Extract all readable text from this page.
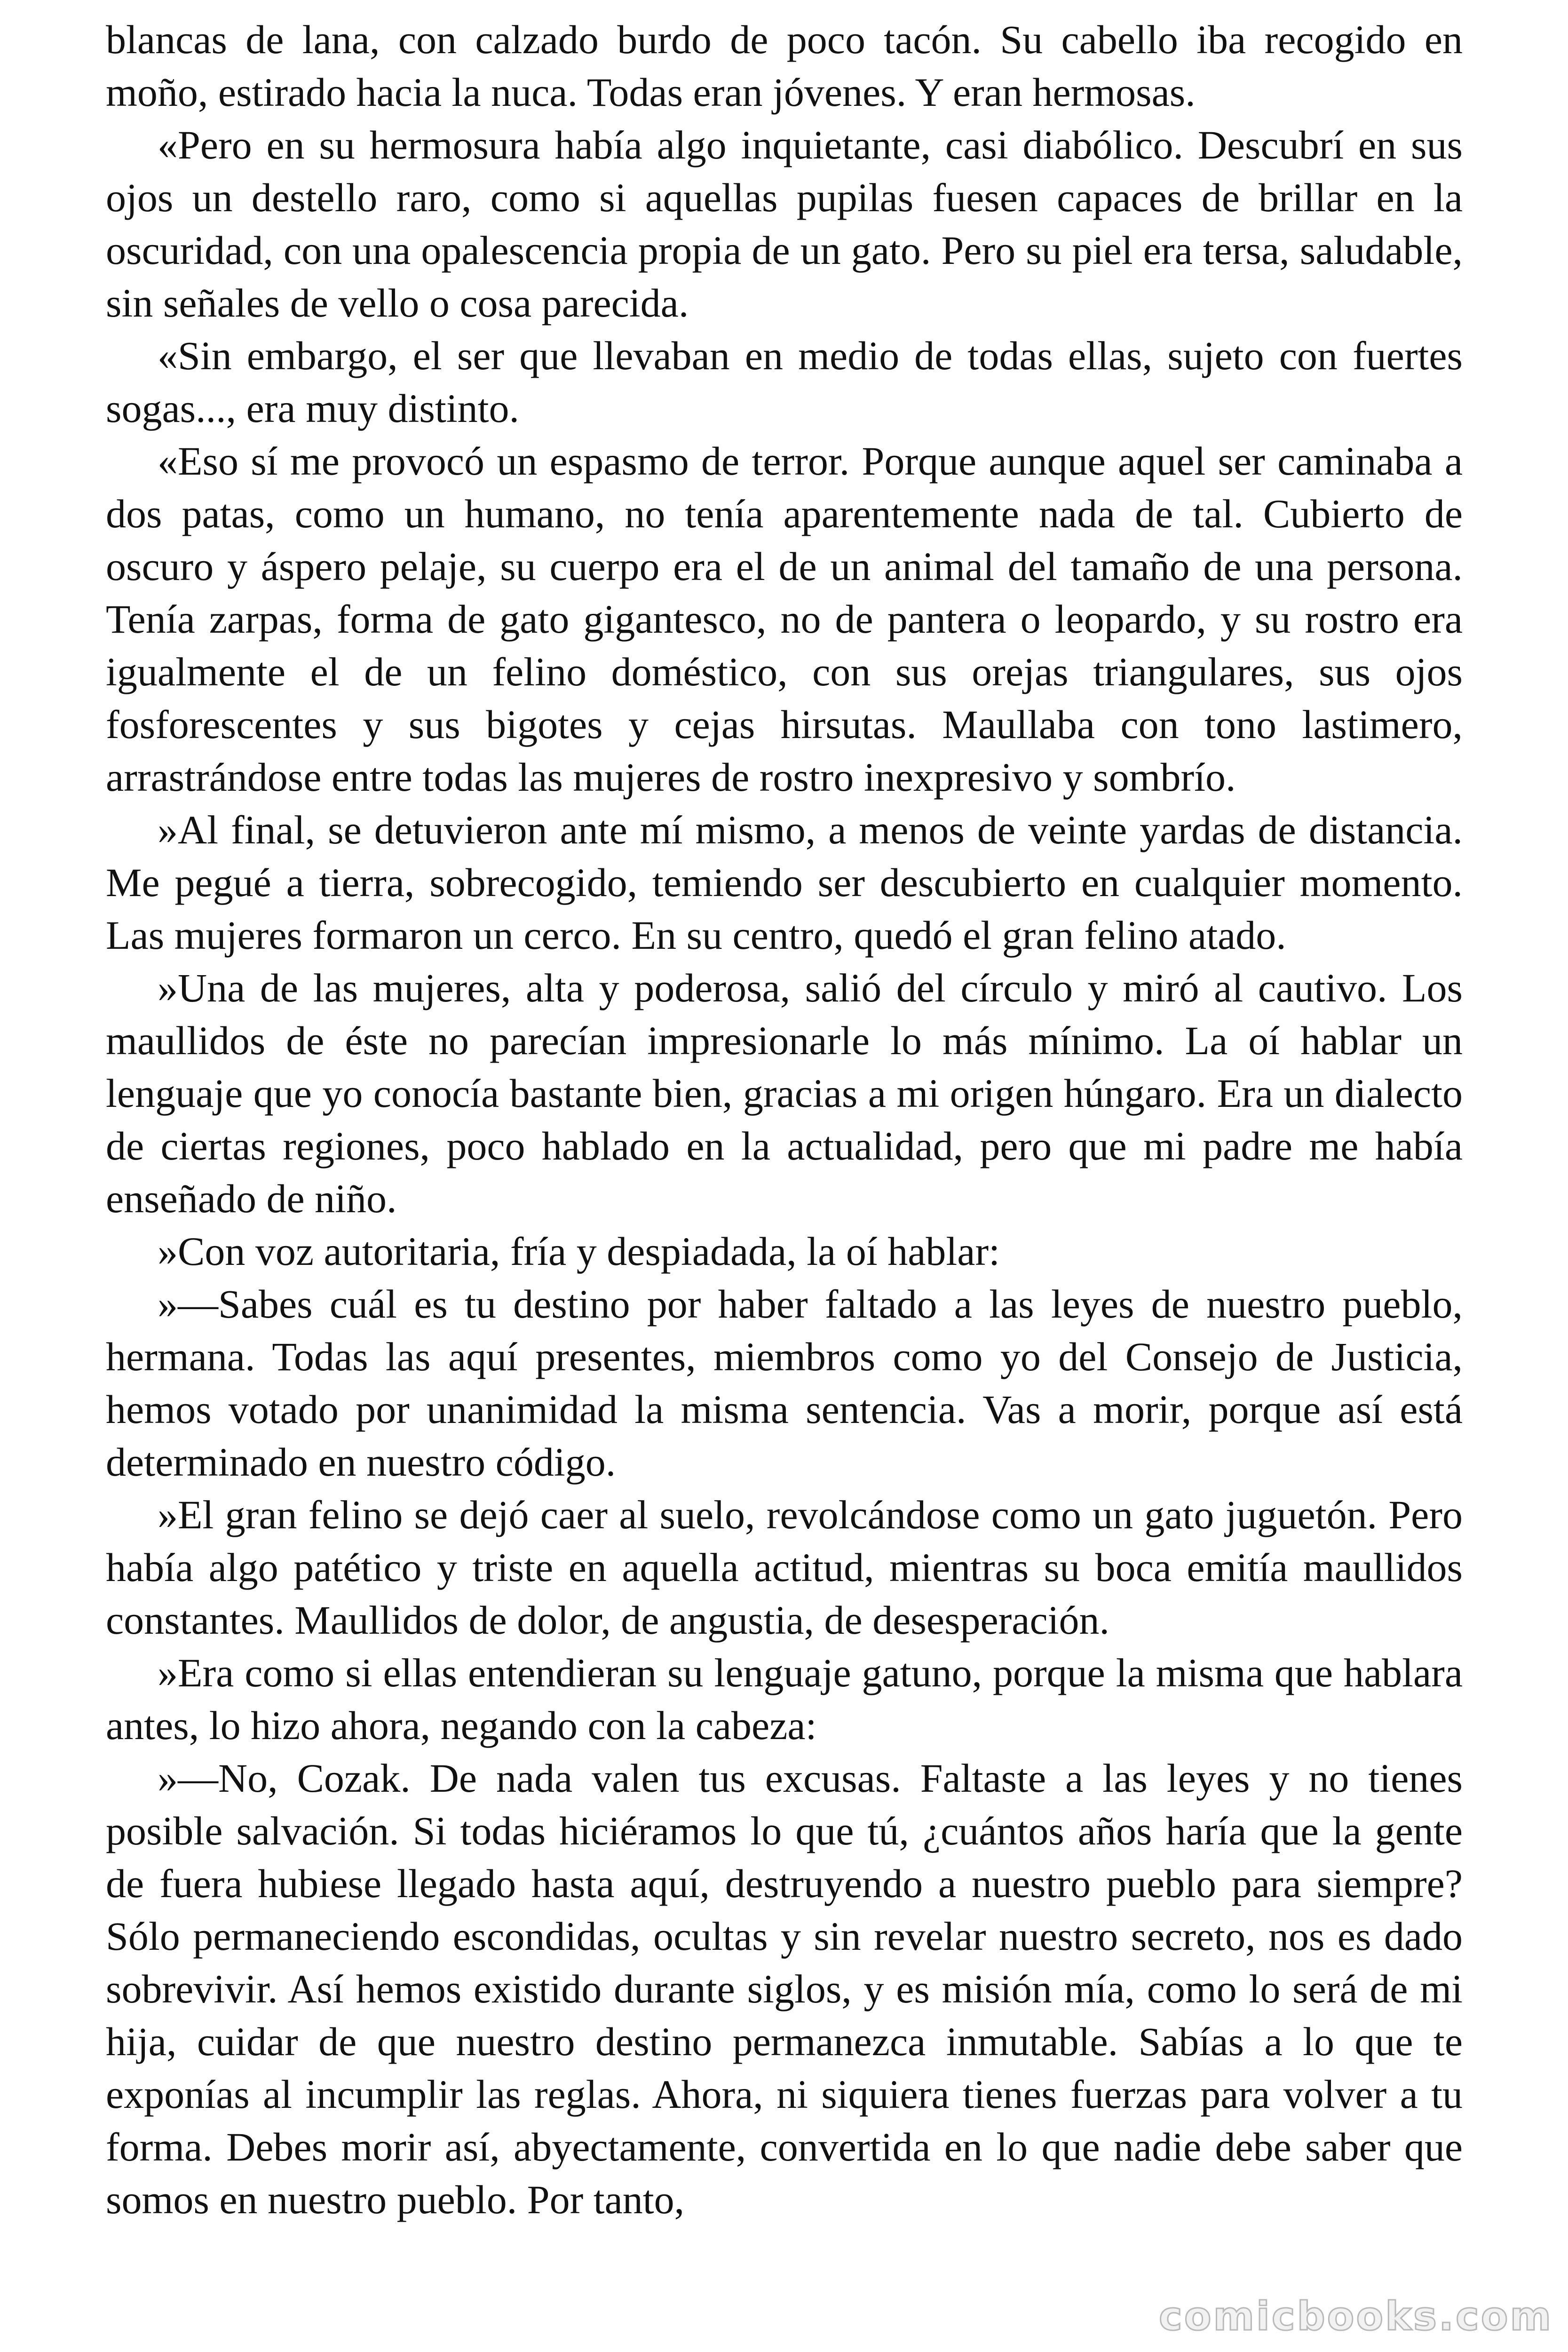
blancas de lana, con calzado burdo de poco tacón. Su cabello iba recogido en moño, estirado hacia la nuca. Todas eran jóvenes. Y eran hermosas.

«Pero en su hermosura había algo inquietante, casi diabólico. Descubrí en sus ojos un destello raro, como si aquellas pupilas fuesen capaces de brillar en la oscuridad, con una opalescencia propia de un gato. Pero su piel era tersa, saludable, sin señales de vello o cosa parecida.

«Sin embargo, el ser que llevaban en medio de todas ellas, sujeto con fuertes sogas..., era muy distinto.

«Eso sí me provocó un espasmo de terror. Porque aunque aquel ser caminaba a dos patas, como un humano, no tenía aparentemente nada de tal. Cubierto de oscuro y áspero pelaje, su cuerpo era el de un animal del tamaño de una persona. Tenía zarpas, forma de gato gigantesco, no de pantera o leopardo, y su rostro era igualmente el de un felino doméstico, con sus orejas triangulares, sus ojos fosforescentes y sus bigotes y cejas hirsutas. Maullaba con tono lastimero, arrastrándose entre todas las mujeres de rostro inexpresivo y sombrío.

»Al final, se detuvieron ante mí mismo, a menos de veinte yardas de distancia. Me pegué a tierra, sobrecogido, temiendo ser descubierto en cualquier momento. Las mujeres formaron un cerco. En su centro, quedó el gran felino atado.

»Una de las mujeres, alta y poderosa, salió del círculo y miró al cautivo. Los maullidos de éste no parecían impresionarle lo más mínimo. La oí hablar un lenguaje que yo conocía bastante bien, gracias a mi origen húngaro. Era un dialecto de ciertas regiones, poco hablado en la actualidad, pero que mi padre me había enseñado de niño.

»Con voz autoritaria, fría y despiadada, la oí hablar:

»—Sabes cuál es tu destino por haber faltado a las leyes de nuestro pueblo, hermana. Todas las aquí presentes, miembros como yo del Consejo de Justicia, hemos votado por unanimidad la misma sentencia. Vas a morir, porque así está determinado en nuestro código.

»El gran felino se dejó caer al suelo, revolcándose como un gato juguetón. Pero había algo patético y triste en aquella actitud, mientras su boca emitía maullidos constantes. Maullidos de dolor, de angustia, de desesperación.

»Era como si ellas entendieran su lenguaje gatuno, porque la misma que hablara antes, lo hizo ahora, negando con la cabeza:

»—No, Cozak. De nada valen tus excusas. Faltaste a las leyes y no tienes posible salvación. Si todas hiciéramos lo que tú, ¿cuántos años haría que la gente de fuera hubiese llegado hasta aquí, destruyendo a nuestro pueblo para siempre? Sólo permaneciendo escondidas, ocultas y sin revelar nuestro secreto, nos es dado sobrevivir. Así hemos existido durante siglos, y es misión mía, como lo será de mi hija, cuidar de que nuestro destino permanezca inmutable. Sabías a lo que te exponías al incumplir las reglas. Ahora, ni siquiera tienes fuerzas para volver a tu forma. Debes morir así, abyectamente, convertida en lo que nadie debe saber que somos en nuestro pueblo. Por tanto,

comicbooks.com
